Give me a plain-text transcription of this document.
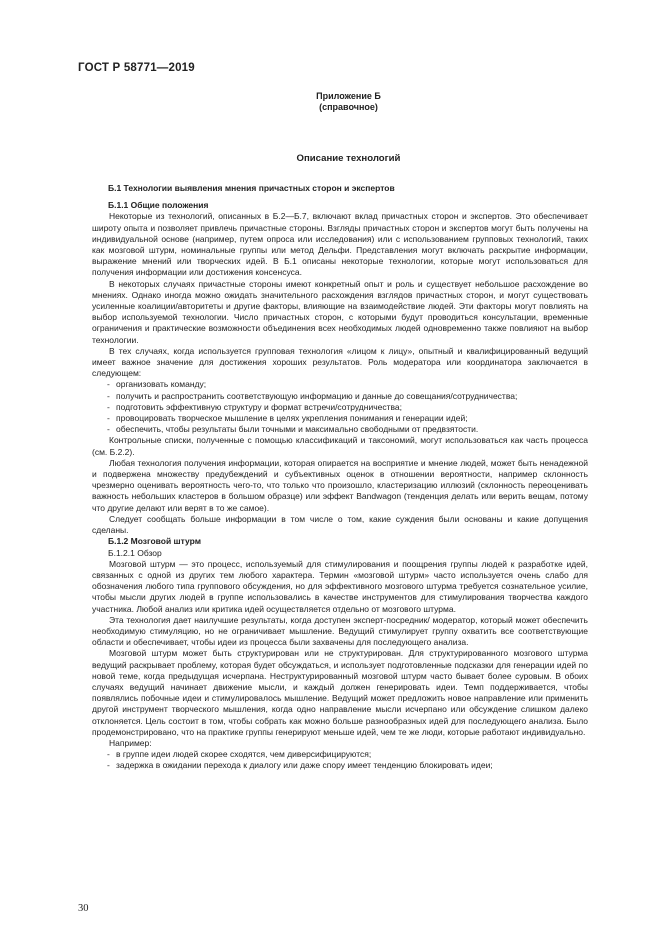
ГОСТ Р 58771—2019
Приложение Б
(справочное)
Описание технологий

Б.1 Технологии выявления мнения причастных сторон и экспертов

Б.1.1 Общие положения

Некоторые из технологий, описанных в Б.2—Б.7, включают вклад причастных сторон и экспертов. Это обеспечивает широту опыта и позволяет привлечь причастные стороны. Взгляды причастных сторон и экспертов могут быть получены на индивидуальной основе (например, путем опроса или исследования) или с использованием групповых технологий, таких как мозговой штурм, номинальные группы или метод Дельфи. Представления могут включать раскрытие информации, выражение мнений или творческих идей. В Б.1 описаны некоторые технологии, которые могут использоваться для получения информации или достижения консенсуса.

В некоторых случаях причастные стороны имеют конкретный опыт и роль и существует небольшое расхождение во мнениях. Однако иногда можно ожидать значительного расхождения взглядов причастных сторон, и могут существовать усиленные коалиции/авторитеты и другие факторы, влияющие на взаимодействие людей. Эти факторы могут повлиять на выбор используемой технологии. Число причастных сторон, с которыми будут проводиться консультации, временные ограничения и практические возможности объединения всех необходимых людей одновременно также повлияют на выбор технологии.

В тех случаях, когда используется групповая технология «лицом к лицу», опытный и квалифицированный ведущий имеет важное значение для достижения хороших результатов. Роль модератора или координатора заключается в следующем:

- организовать команду;

- получить и распространить соответствующую информацию и данные до совещания/сотрудничества;

- подготовить эффективную структуру и формат встречи/сотрудничества;

- провоцировать творческое мышление в целях укрепления понимания и генерации идей;

- обеспечить, чтобы результаты были точными и максимально свободными от предвзятости.

Контрольные списки, полученные с помощью классификаций и таксономий, могут использоваться как часть процесса (см. Б.2.2).

Любая технология получения информации, которая опирается на восприятие и мнение людей, может быть ненадежной и подвержена множеству предубеждений и субъективных оценок в отношении вероятности, например склонность чрезмерно оценивать вероятность чего-то, что только что произошло, кластеризацию иллюзий (склонность переоценивать важность небольших кластеров в большом образце) или эффект Bandwagon (тенденция делать или верить вещам, потому что другие делают или верят в то же самое).

Следует сообщать больше информации в том числе о том, какие суждения были основаны и какие допущения сделаны.

Б.1.2 Мозговой штурм

Б.1.2.1 Обзор

Мозговой штурм — это процесс, используемый для стимулирования и поощрения группы людей к разработке идей, связанных с одной из других тем любого характера. Термин «мозговой штурм» часто используется очень слабо для обозначения любого типа группового обсуждения, но для эффективного мозгового штурма требуется сознательное усилие, чтобы мысли других людей в группе использовались в качестве инструментов для стимулирования творчества каждого участника. Любой анализ или критика идей осуществляется отдельно от мозгового штурма.

Эта технология дает наилучшие результаты, когда доступен эксперт-посредник/ модератор, который может обеспечить необходимую стимуляцию, но не ограничивает мышление. Ведущий стимулирует группу охватить все соответствующие области и обеспечивает, чтобы идеи из процесса были захвачены для последующего анализа.

Мозговой штурм может быть структурирован или не структурирован. Для структурированного мозгового штурма ведущий раскрывает проблему, которая будет обсуждаться, и использует подготовленные подсказки для генерации идей по новой теме, когда предыдущая исчерпана. Неструктурированный мозговой штурм часто бывает более суровым. В обоих случаях ведущий начинает движение мысли, и каждый должен генерировать идеи. Темп поддерживается, чтобы появлялись побочные идеи и стимулировалось мышление. Ведущий может предложить новое направление или применить другой инструмент творческого мышления, когда одно направление мысли исчерпано или обсуждение слишком далеко отклоняется. Цель состоит в том, чтобы собрать как можно больше разнообразных идей для последующего анализа. Было продемонстрировано, что на практике группы генерируют меньше идей, чем те же люди, которые работают индивидуально.

Например:

- в группе идеи людей скорее сходятся, чем диверсифицируются;

- задержка в ожидании перехода к диалогу или даже спору имеет тенденцию блокировать идеи;

30
